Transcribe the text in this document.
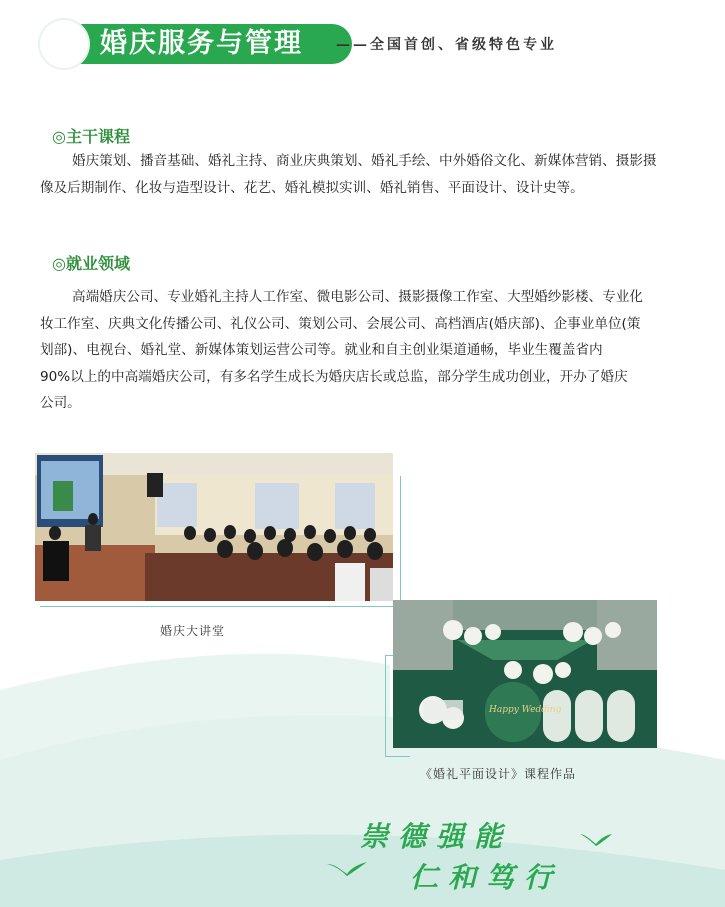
婚庆服务与管理 ——全国首创、省级特色专业
◎主干课程
婚庆策划、播音基础、婚礼主持、商业庆典策划、婚礼手绘、中外婚俗文化、新媒体营销、摄影摄
像及后期制作、化妆与造型设计、花艺、婚礼模拟实训、婚礼销售、平面设计、设计史等。
◎就业领域
高端婚庆公司、专业婚礼主持人工作室、微电影公司、摄影摄像工作室、大型婚纱影楼、专业化
妆工作室、庆典文化传播公司、礼仪公司、策划公司、会展公司、高档酒店(婚庆部)、企事业单位(策
划部)、电视台、婚礼堂、新媒体策划运营公司等。就业和自主创业渠道通畅，毕业生覆盖省内
90%以上的中高端婚庆公司，有多名学生成长为婚庆店长或总监，部分学生成功创业，开办了婚庆
公司。
婚庆大讲堂
Happy Wedding
《婚礼平面设计》课程作品
崇德强能
仁和笃行
